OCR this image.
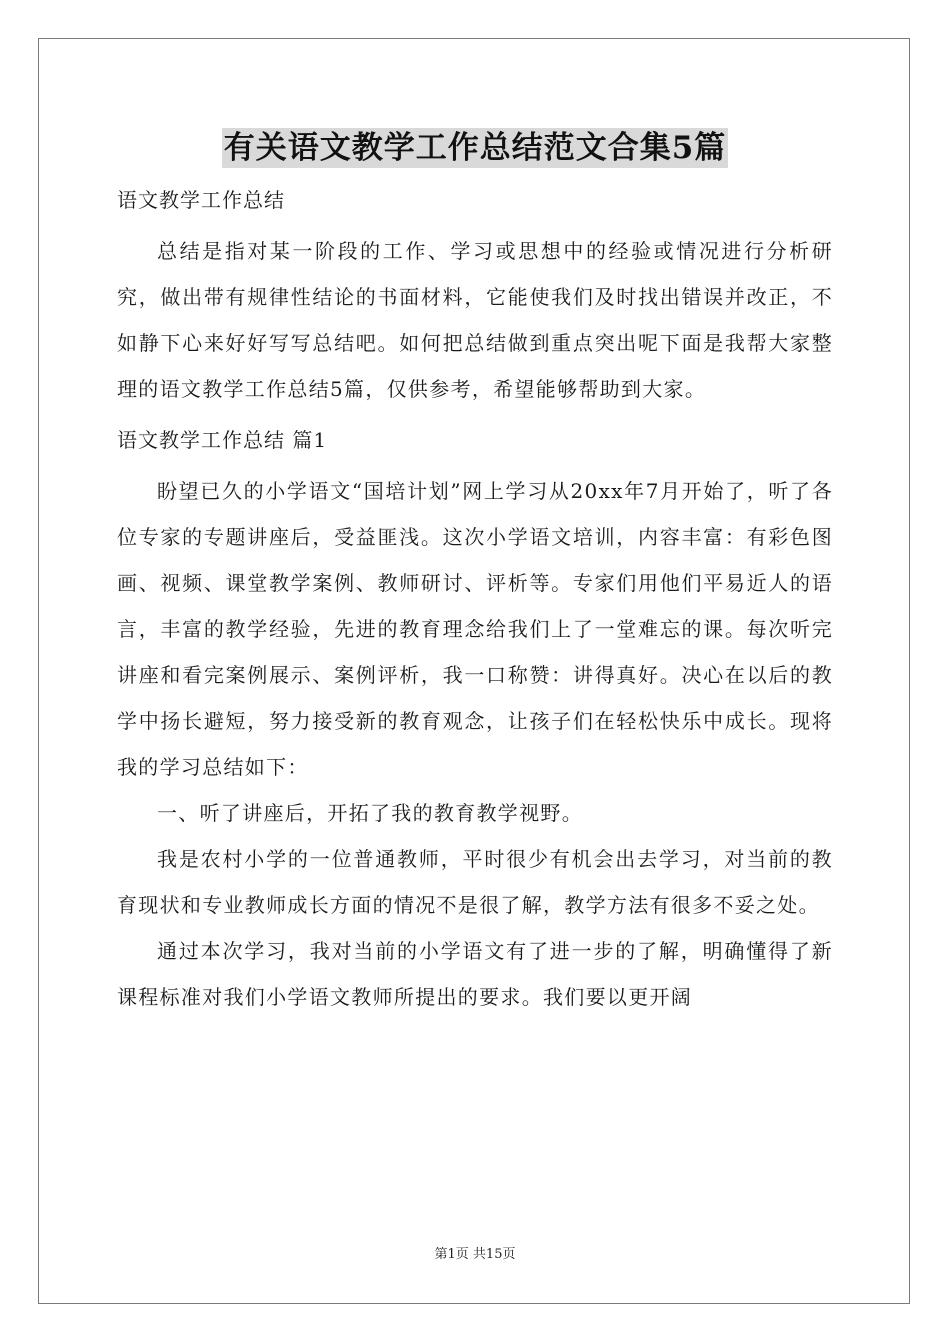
有关语文教学工作总结范文合集5篇
语文教学工作总结

总结是指对某一阶段的工作、学习或思想中的经验或情况进行分析研究，做出带有规律性结论的书面材料，它能使我们及时找出错误并改正，不如静下心来好好写写总结吧。如何把总结做到重点突出呢下面是我帮大家整理的语文教学工作总结5篇，仅供参考，希望能够帮助到大家。

语文教学工作总结 篇1

盼望已久的小学语文“国培计划”网上学习从20xx年7月开始了，听了各位专家的专题讲座后，受益匪浅。这次小学语文培训，内容丰富：有彩色图画、视频、课堂教学案例、教师研讨、评析等。专家们用他们平易近人的语言，丰富的教学经验，先进的教育理念给我们上了一堂难忘的课。每次听完讲座和看完案例展示、案例评析，我一口称赞：讲得真好。决心在以后的教学中扬长避短，努力接受新的教育观念，让孩子们在轻松快乐中成长。现将我的学习总结如下：

一、听了讲座后，开拓了我的教育教学视野。

我是农村小学的一位普通教师，平时很少有机会出去学习，对当前的教育现状和专业教师成长方面的情况不是很了解，教学方法有很多不妥之处。

通过本次学习，我对当前的小学语文有了进一步的了解，明确懂得了新课程标准对我们小学语文教师所提出的要求。我们要以更开阔

第1页 共15页
